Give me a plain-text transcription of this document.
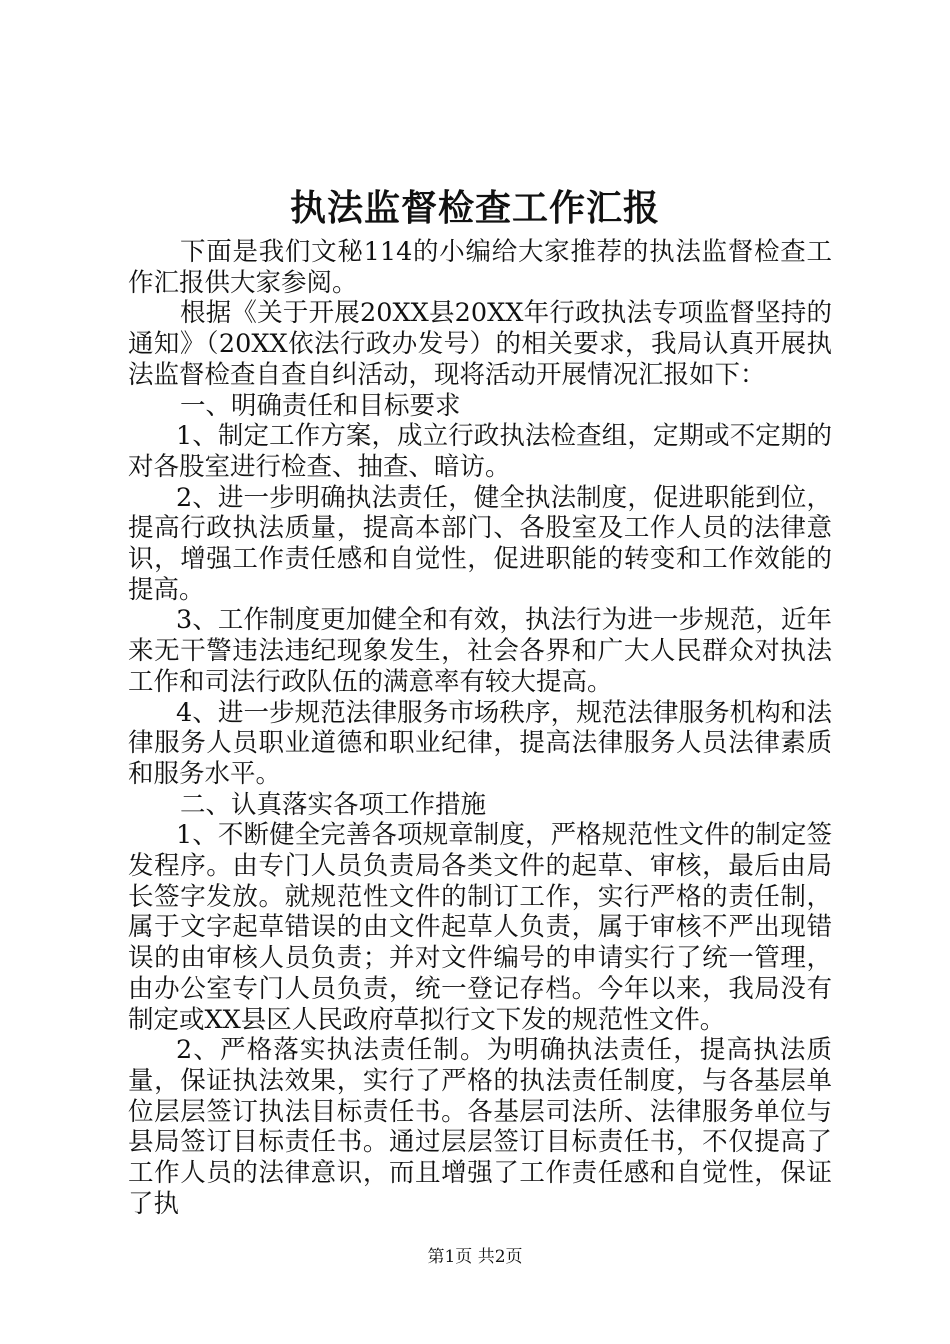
执法监督检查工作汇报

下面是我们文秘114的小编给大家推荐的执法监督检查工作汇报供大家参阅。

根据《关于开展20XX县20XX年行政执法专项监督坚持的通知》（20XX依法行政办发号）的相关要求，我局认真开展执法监督检查自查自纠活动，现将活动开展情况汇报如下：

一、明确责任和目标要求

1、制定工作方案，成立行政执法检查组，定期或不定期的对各股室进行检查、抽查、暗访。

2、进一步明确执法责任，健全执法制度，促进职能到位，提高行政执法质量，提高本部门、各股室及工作人员的法律意识，增强工作责任感和自觉性，促进职能的转变和工作效能的提高。

3、工作制度更加健全和有效，执法行为进一步规范，近年来无干警违法违纪现象发生，社会各界和广大人民群众对执法工作和司法行政队伍的满意率有较大提高。

4、进一步规范法律服务市场秩序，规范法律服务机构和法律服务人员职业道德和职业纪律，提高法律服务人员法律素质和服务水平。

二、认真落实各项工作措施

1、不断健全完善各项规章制度，严格规范性文件的制定签发程序。由专门人员负责局各类文件的起草、审核，最后由局长签字发放。就规范性文件的制订工作，实行严格的责任制，属于文字起草错误的由文件起草人负责，属于审核不严出现错误的由审核人员负责；并对文件编号的申请实行了统一管理，由办公室专门人员负责，统一登记存档。今年以来，我局没有制定或XX县区人民政府草拟行文下发的规范性文件。

2、严格落实执法责任制。为明确执法责任，提高执法质量，保证执法效果，实行了严格的执法责任制度，与各基层单位层层签订执法目标责任书。各基层司法所、法律服务单位与县局签订目标责任书。通过层层签订目标责任书，不仅提高了工作人员的法律意识，而且增强了工作责任感和自觉性，保证了执

第1页 共2页
